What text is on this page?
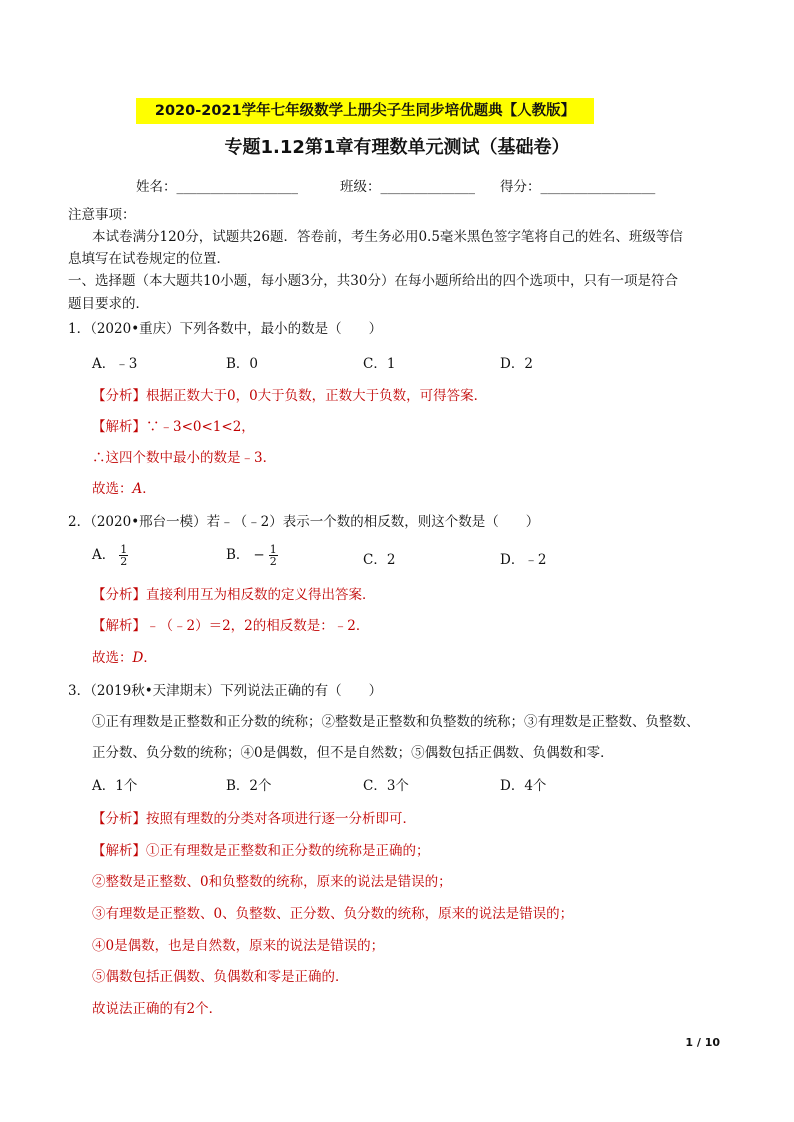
2020-2021学年七年级数学上册尖子生同步培优题典【人教版】
专题1.12第1章有理数单元测试（基础卷）
姓名：__________________	班级：______________ 得分：_________________
注意事项：
本试卷满分120分，试题共26题．答卷前，考生务必用0.5毫米黑色签字笔将自己的姓名、班级等信
息填写在试卷规定的位置．
一、选择题（本大题共10小题，每小题3分，共30分）在每小题所给出的四个选项中，只有一项是符合
题目要求的．
1．（2020•重庆）下列各数中，最小的数是（　　）
A．﹣3	B．0	C．1	D．2
【分析】根据正数大于0，0大于负数，正数大于负数，可得答案．
【解析】∵﹣3<0<1<2，
∴这四个数中最小的数是﹣3．
故选：A．
2．（2020•邢台一模）若﹣（﹣2）表示一个数的相反数，则这个数是（　　）
A． $\frac{1}{2}$	B． − $\frac{1}{2}$	C．2	D．﹣2
【分析】直接利用互为相反数的定义得出答案．
【解析】﹣（﹣2）＝2，2的相反数是：﹣2．
故选：D．
3．（2019秋•天津期末）下列说法正确的有（　　）
①正有理数是正整数和正分数的统称；②整数是正整数和负整数的统称；③有理数是正整数、负整数、
正分数、负分数的统称；④0是偶数，但不是自然数；⑤偶数包括正偶数、负偶数和零．
A．1个	B．2个	C．3个	D．4个
【分析】按照有理数的分类对各项进行逐一分析即可．
【解析】①正有理数是正整数和正分数的统称是正确的；
②整数是正整数、0和负整数的统称，原来的说法是错误的；
③有理数是正整数、0、负整数、正分数、负分数的统称，原来的说法是错误的；
④0是偶数，也是自然数，原来的说法是错误的；
⑤偶数包括正偶数、负偶数和零是正确的．
故说法正确的有2个．
1 / 10
